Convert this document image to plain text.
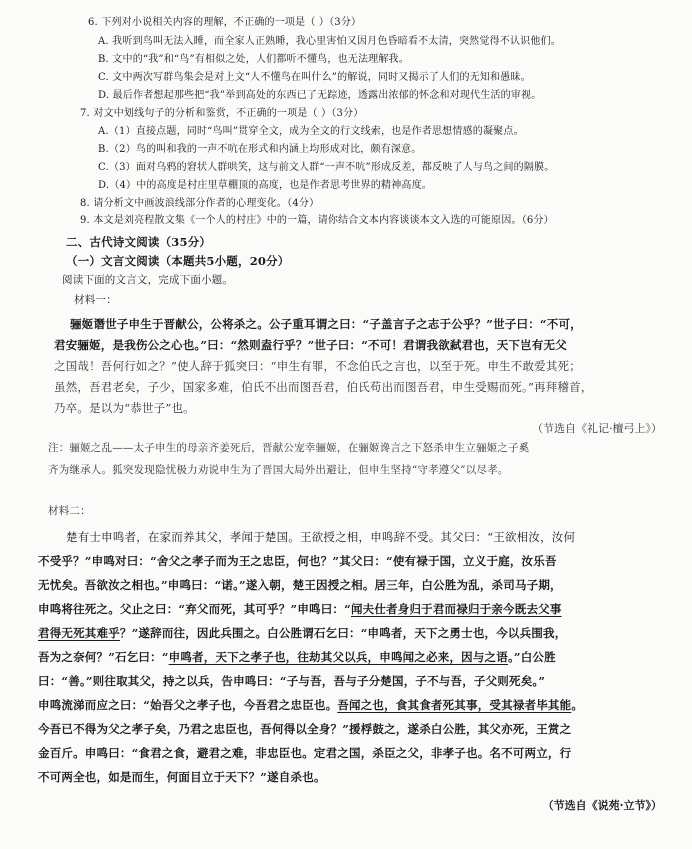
6. 下列对小说相关内容的理解，不正确的一项是（ ）（3分）
A. 我听到鸟叫无法入睡，而全家人正熟睡，我心里害怕又因月色昏暗看不太清，突然觉得不认识他们。
B. 文中的“我”和“鸟”有相似之处，人们都听不懂鸟，也无法理解我。
C. 文中两次写群鸟集会是对上文“人不懂鸟在叫什么”的解说，同时又揭示了人们的无知和愚昧。
D. 最后作者想起那些把“我”举到高处的东西已了无踪迹，透露出浓郁的怀念和对现代生活的审视。
7. 对文中划线句子的分析和鉴赏，不正确的一项是（ ）（3分）
A.（1）直接点题，同时“鸟叫”贯穿全文，成为全文的行文线索，也是作者思想情感的凝聚点。
B.（2）鸟的叫和我的一声不吭在形式和内涵上均形成对比，颇有深意。
C.（3）面对乌鸦的窘状人群哄笑，这与前文人群“一声不吭”形成反差，都反映了人与鸟之间的隔膜。
D.（4）中的高度是村庄里草棚顶的高度，也是作者思考世界的精神高度。
8. 请分析文中画波浪线部分作者的心理变化。（4分）
9. 本文是刘亮程散文集《一个人的村庄》中的一篇，请你结合文本内容谈谈本文入选的可能原因。（6分）
二、古代诗文阅读（35分）
（一）文言文阅读（本题共5小题，20分）
阅读下面的文言文，完成下面小题。
材料一：
骊姬谮世子申生于晋献公，公将杀之。公子重耳谓之曰：“子盖言子之志于公乎？”世子曰：“不可，
君安骊姬，是我伤公之心也。”曰：“然则盍行乎？”世子曰：“不可！君谓我欲弑君也，天下岂有无父
之国哉！吾何行如之？”使人辞于狐突曰：“申生有罪，不念伯氏之言也，以至于死。申生不敢爱其死；
虽然，吾君老矣，子少，国家多难，伯氏不出而图吾君，伯氏苟出而图吾君，申生受赐而死。”再拜稽首，
乃卒。是以为“恭世子”也。
（节选自《礼记·檀弓上》）
注：骊姬之乱——太子申生的母亲齐姜死后，晋献公宠幸骊姬，在骊姬谗言之下怒杀申生立骊姬之子奚
齐为继承人。狐突发现隐忧极力劝说申生为了晋国大局外出避让，但申生坚持“守孝遵父”以尽孝。
材料二：
楚有士申鸣者，在家而养其父，孝闻于楚国。王欲授之相，申鸣辞不受。其父曰：“王欲相汝，汝何
不受乎？”申鸣对曰：“舍父之孝子而为王之忠臣，何也？”其父曰：“使有禄于国，立义于庭，汝乐吾
无忧矣。吾欲汝之相也。”申鸣曰：“诺。”遂入朝，楚王因授之相。居三年，白公胜为乱，杀司马子期，
申鸣将往死之。父止之曰：“弃父而死，其可乎？”申鸣曰：“闻夫仕者身归于君而禄归于亲今既去父事
君得无死其难乎？”遂辞而往，因此兵围之。白公胜谓石乞曰：“申鸣者，天下之勇士也，今以兵围我，
吾为之奈何？”石乞曰：“申鸣者，天下之孝子也，往劫其父以兵，申鸣闻之必来，因与之语。”白公胜
曰：“善。”则往取其父，持之以兵，告申鸣曰：“子与吾，吾与子分楚国，子不与吾，子父则死矣。”
申鸣流涕而应之曰：“始吾父之孝子也，今吾君之忠臣也。吾闻之也，食其食者死其事，受其禄者毕其能。
今吾已不得为父之孝子矣，乃君之忠臣也，吾何得以全身？”援桴鼓之，遂杀白公胜，其父亦死，王赏之
金百斤。申鸣曰：“食君之食，避君之难，非忠臣也。定君之国，杀臣之父，非孝子也。名不可两立，行
不可两全也，如是而生，何面目立于天下？”遂自杀也。
（节选自《说苑·立节》）
